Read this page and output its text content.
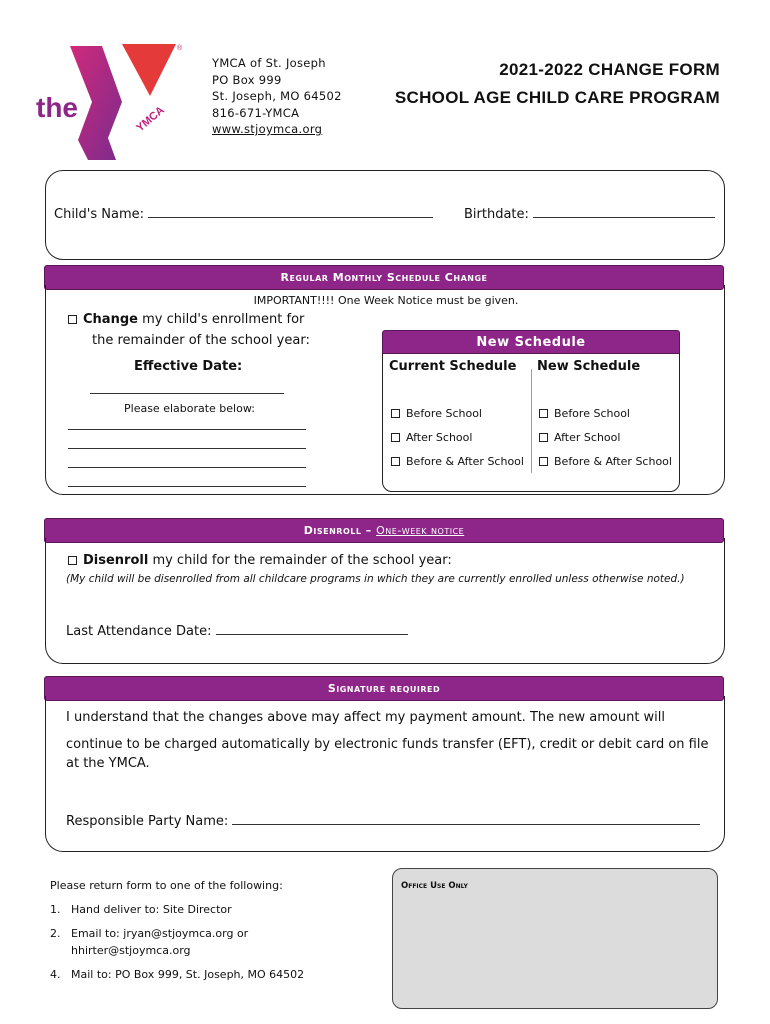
YMCA
®
the
YMCA of St. Joseph
PO Box 999
St. Joseph, MO 64502
816-671-YMCA
www.stjoymca.org
2021-2022 CHANGE FORM
SCHOOL AGE CHILD CARE PROGRAM
Child's Name:	Birthdate:
Regular Monthly Schedule Change
IMPORTANT!!!! One Week Notice must be given.
Change my child's enrollment for
the remainder of the school year:
Effective Date:
Please elaborate below:
New Schedule
Current Schedule New Schedule
Before School
After School
Before & After School
Before School
After School
Before & After School
Disenroll – One-week notice
Disenroll my child for the remainder of the school year:
(My child will be disenrolled from all childcare programs in which they are currently enrolled unless otherwise noted.)
Last Attendance Date:
Signature required
I understand that the changes above may affect my payment amount. The new amount will
continue to be charged automatically by electronic funds transfer (EFT), credit or debit card on file
at the YMCA.
Responsible Party Name:
Please return form to one of the following:
1. Hand deliver to: Site Director
2. Email to: jryan@stjoymca.org or
hhirter@stjoymca.org
4. Mail to: PO Box 999, St. Joseph, MO 64502
Office Use Only
